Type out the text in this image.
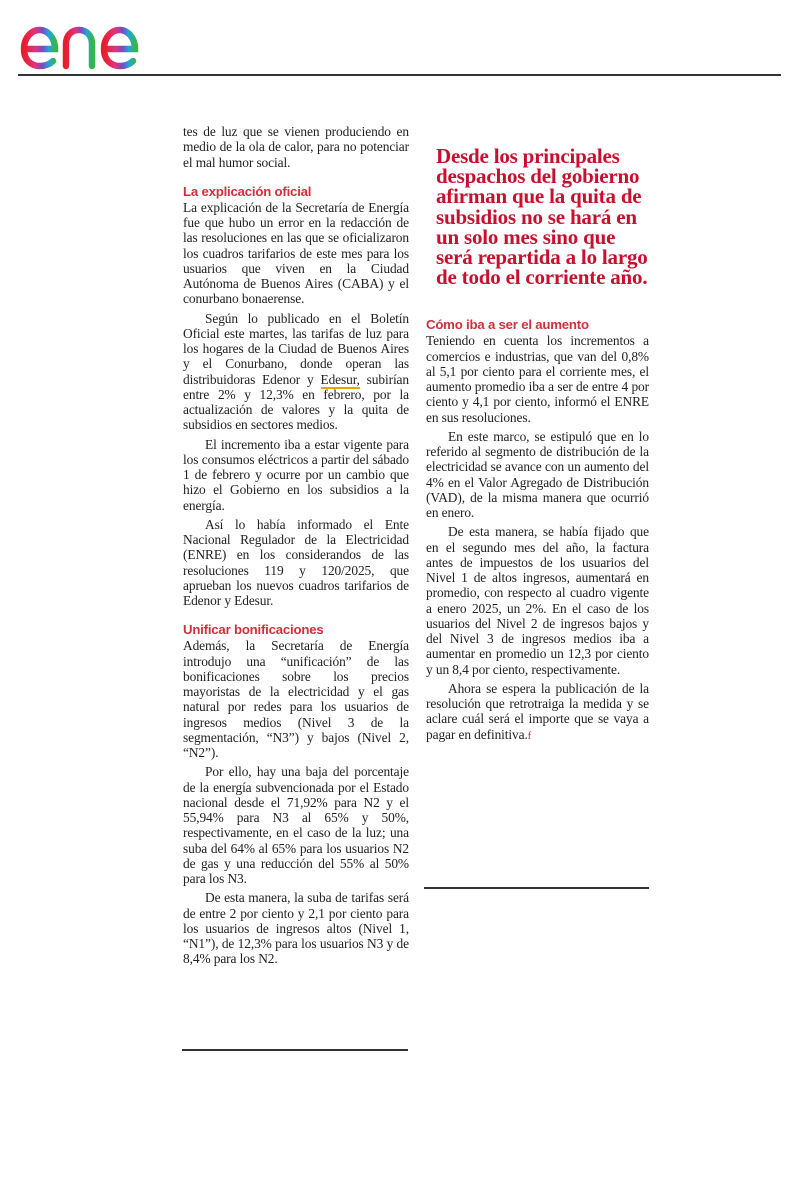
tes de luz que se vienen produciendo en medio de la ola de calor, para no potenciar el mal humor social.

La explicación oficial

La explicación de la Secretaría de Energía fue que hubo un error en la redacción de las resoluciones en las que se oficializaron los cuadros tarifarios de este mes para los usuarios que viven en la Ciudad Autónoma de Buenos Aires (CABA) y el conurbano bonaerense.

Según lo publicado en el Boletín Oficial este martes, las tarifas de luz para los hogares de la Ciudad de Buenos Aires y el Conurbano, donde operan las distribuidoras Edenor y Edesur, subirían entre 2% y 12,3% en febrero, por la actualización de valores y la quita de subsidios en sectores medios.

El incremento iba a estar vigente para los consumos eléctricos a partir del sábado 1 de febrero y ocurre por un cambio que hizo el Gobierno en los subsidios a la energía.

Así lo había informado el Ente Nacional Regulador de la Electricidad (ENRE) en los considerandos de las resoluciones 119 y 120/2025, que aprueban los nuevos cuadros tarifarios de Edenor y Edesur.

Unificar bonificaciones

Además, la Secretaría de Energía introdujo una “unificación” de las bonificaciones sobre los precios mayoristas de la electricidad y el gas natural por redes para los usuarios de ingresos medios (Nivel 3 de la segmentación, “N3”) y bajos (Nivel 2, “N2”).

Por ello, hay una baja del porcentaje de la energía subvencionada por el Estado nacional desde el 71,92% para N2 y el 55,94% para N3 al 65% y 50%, respectivamente, en el caso de la luz; una suba del 64% al 65% para los usuarios N2 de gas y una reducción del 55% al 50% para los N3.

De esta manera, la suba de tarifas será de entre 2 por ciento y 2,1 por ciento para los usuarios de ingresos altos (Nivel 1, “N1”), de 12,3% para los usuarios N3 y de 8,4% para los N2.

Desde los principales despachos del gobierno afirman que la quita de subsidios no se hará en un solo mes sino que será repartida a lo largo de todo el corriente año.

Cómo iba a ser el aumento

Teniendo en cuenta los incrementos a comercios e industrias, que van del 0,8% al 5,1 por ciento para el corriente mes, el aumento promedio iba a ser de entre 4 por ciento y 4,1 por ciento, informó el ENRE en sus resoluciones.

En este marco, se estipuló que en lo referido al segmento de distribución de la electricidad se avance con un aumento del 4% en el Valor Agregado de Distribución (VAD), de la misma manera que ocurrió en enero.

De esta manera, se había fijado que en el segundo mes del año, la factura antes de impuestos de los usuarios del Nivel 1 de altos ingresos, aumentará en promedio, con respecto al cuadro vigente a enero 2025, un 2%. En el caso de los usuarios del Nivel 2 de ingresos bajos y del Nivel 3 de ingresos medios iba a aumentar en promedio un 12,3 por ciento y un 8,4 por ciento, respectivamente.

Ahora se espera la publicación de la resolución que retrotraiga la medida y se aclare cuál será el importe que se vaya a pagar en definitiva.f
